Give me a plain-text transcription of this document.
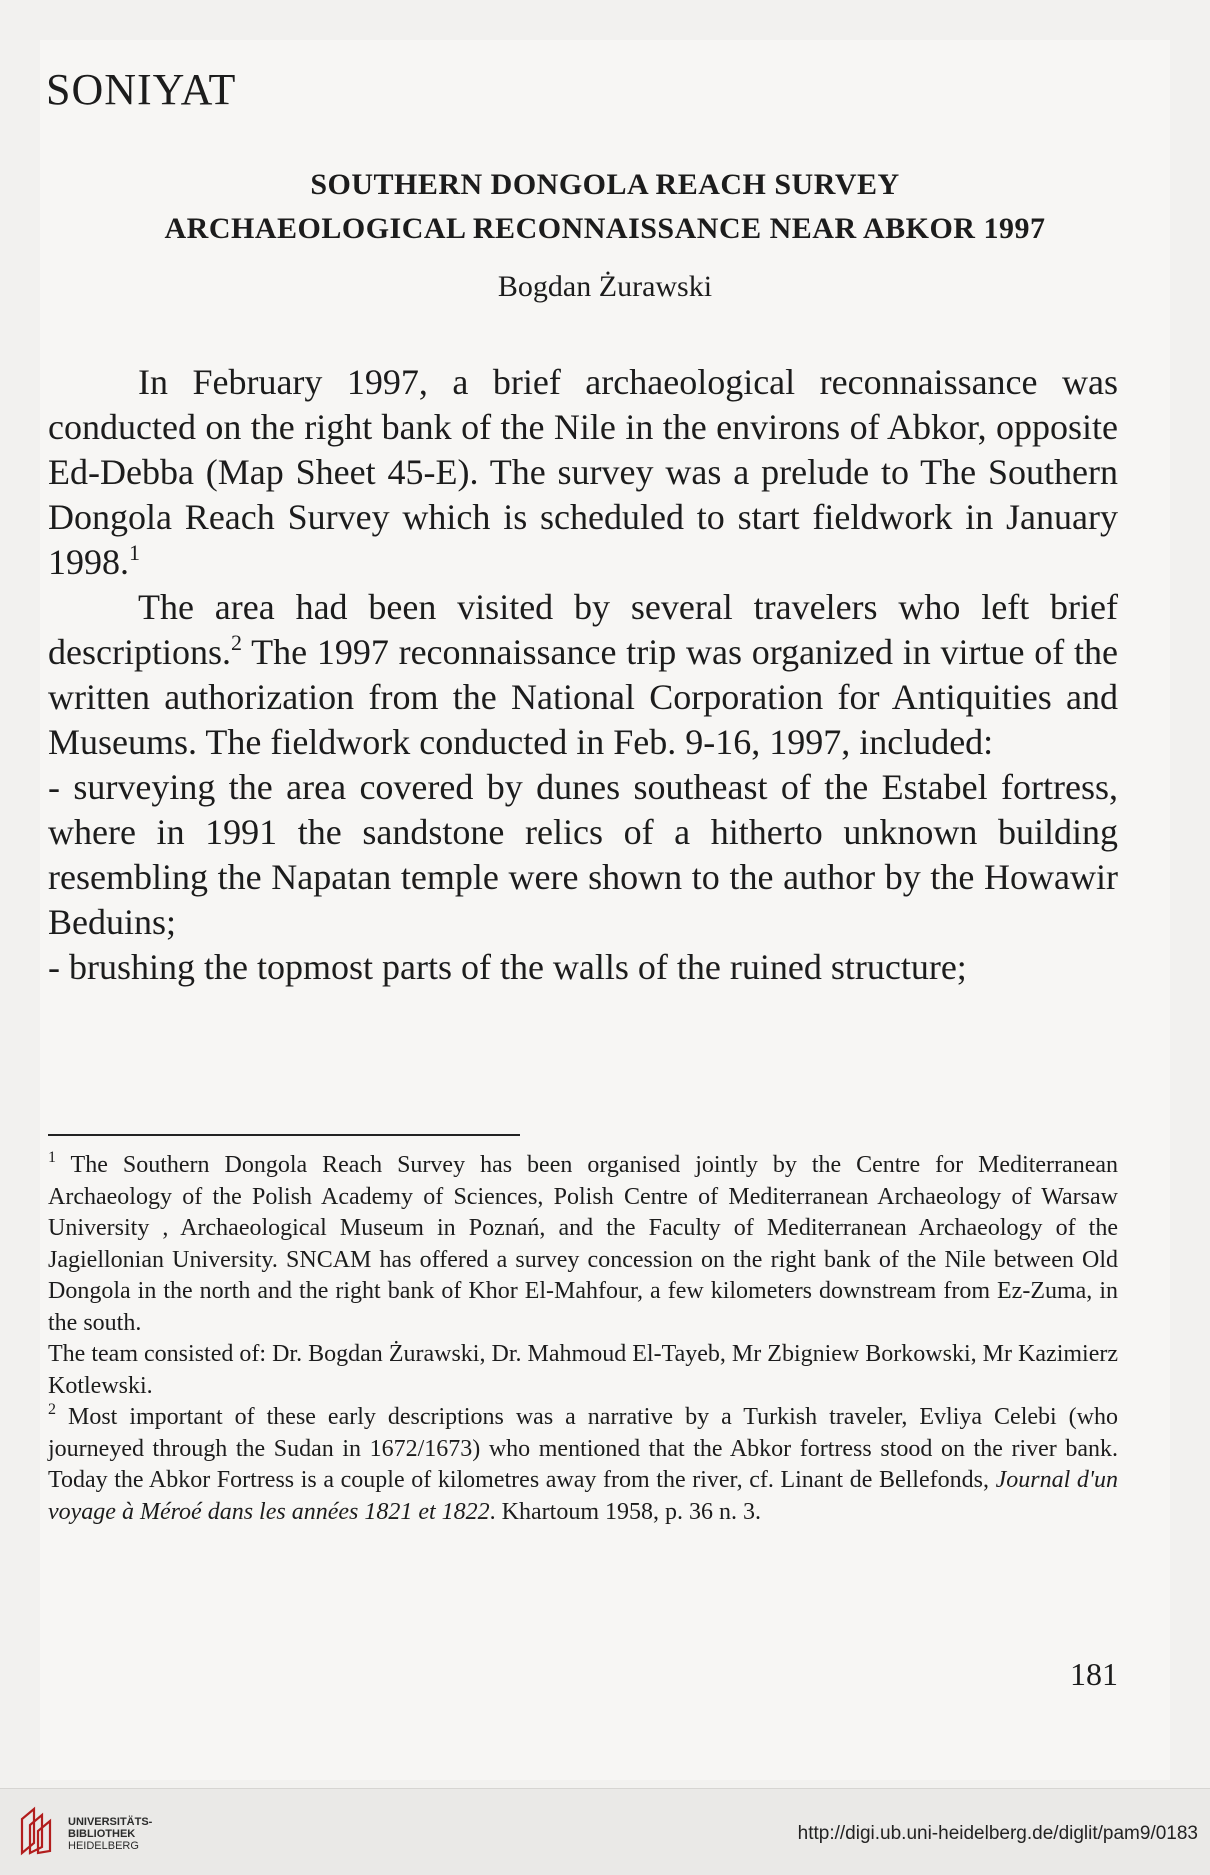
SONIYAT
SOUTHERN DONGOLA REACH SURVEY
ARCHAEOLOGICAL RECONNAISSANCE NEAR ABKOR 1997
Bogdan Żurawski

In February 1997, a brief archaeological reconnaissance was conducted on the right bank of the Nile in the environs of Abkor, opposite Ed-Debba (Map Sheet 45-E). The survey was a prelude to The Southern Dongola Reach Survey which is scheduled to start fieldwork in January 1998.$^1$

The area had been visited by several travelers who left brief descriptions.$^2$ The 1997 reconnaissance trip was organized in virtue of the written authorization from the National Corporation for Antiquities and Museums. The fieldwork conducted in Feb. 9-16, 1997, included:

- surveying the area covered by dunes southeast of the Estabel fortress, where in 1991 the sandstone relics of a hitherto unknown building resembling the Napatan temple were shown to the author by the Howawir Beduins;

- brushing the topmost parts of the walls of the ruined structure;

$^1$ The Southern Dongola Reach Survey has been organised jointly by the Centre for Mediterranean Archaeology of the Polish Academy of Sciences, Polish Centre of Mediterranean Archaeology of Warsaw University , Archaeological Museum in Poznań, and the Faculty of Mediterranean Archaeology of the Jagiellonian University. SNCAM has offered a survey concession on the right bank of the Nile between Old Dongola in the north and the right bank of Khor El-Mahfour, a few kilometers downstream from Ez-Zuma, in the south.

The team consisted of: Dr. Bogdan Żurawski, Dr. Mahmoud El-Tayeb, Mr Zbigniew Borkowski, Mr Kazimierz Kotlewski.

$^2$ Most important of these early descriptions was a narrative by a Turkish traveler, Evliya Celebi (who journeyed through the Sudan in 1672/1673) who mentioned that the Abkor fortress stood on the river bank. Today the Abkor Fortress is a couple of kilometres away from the river, cf. Linant de Bellefonds, Journal d'un voyage à Méroé dans les années 1821 et 1822. Khartoum 1958, p. 36 n. 3.

181
UNIVERSITÄTS-
BIBLIOTHEK
HEIDELBERG
http://digi.ub.uni-heidelberg.de/diglit/pam9/0183
